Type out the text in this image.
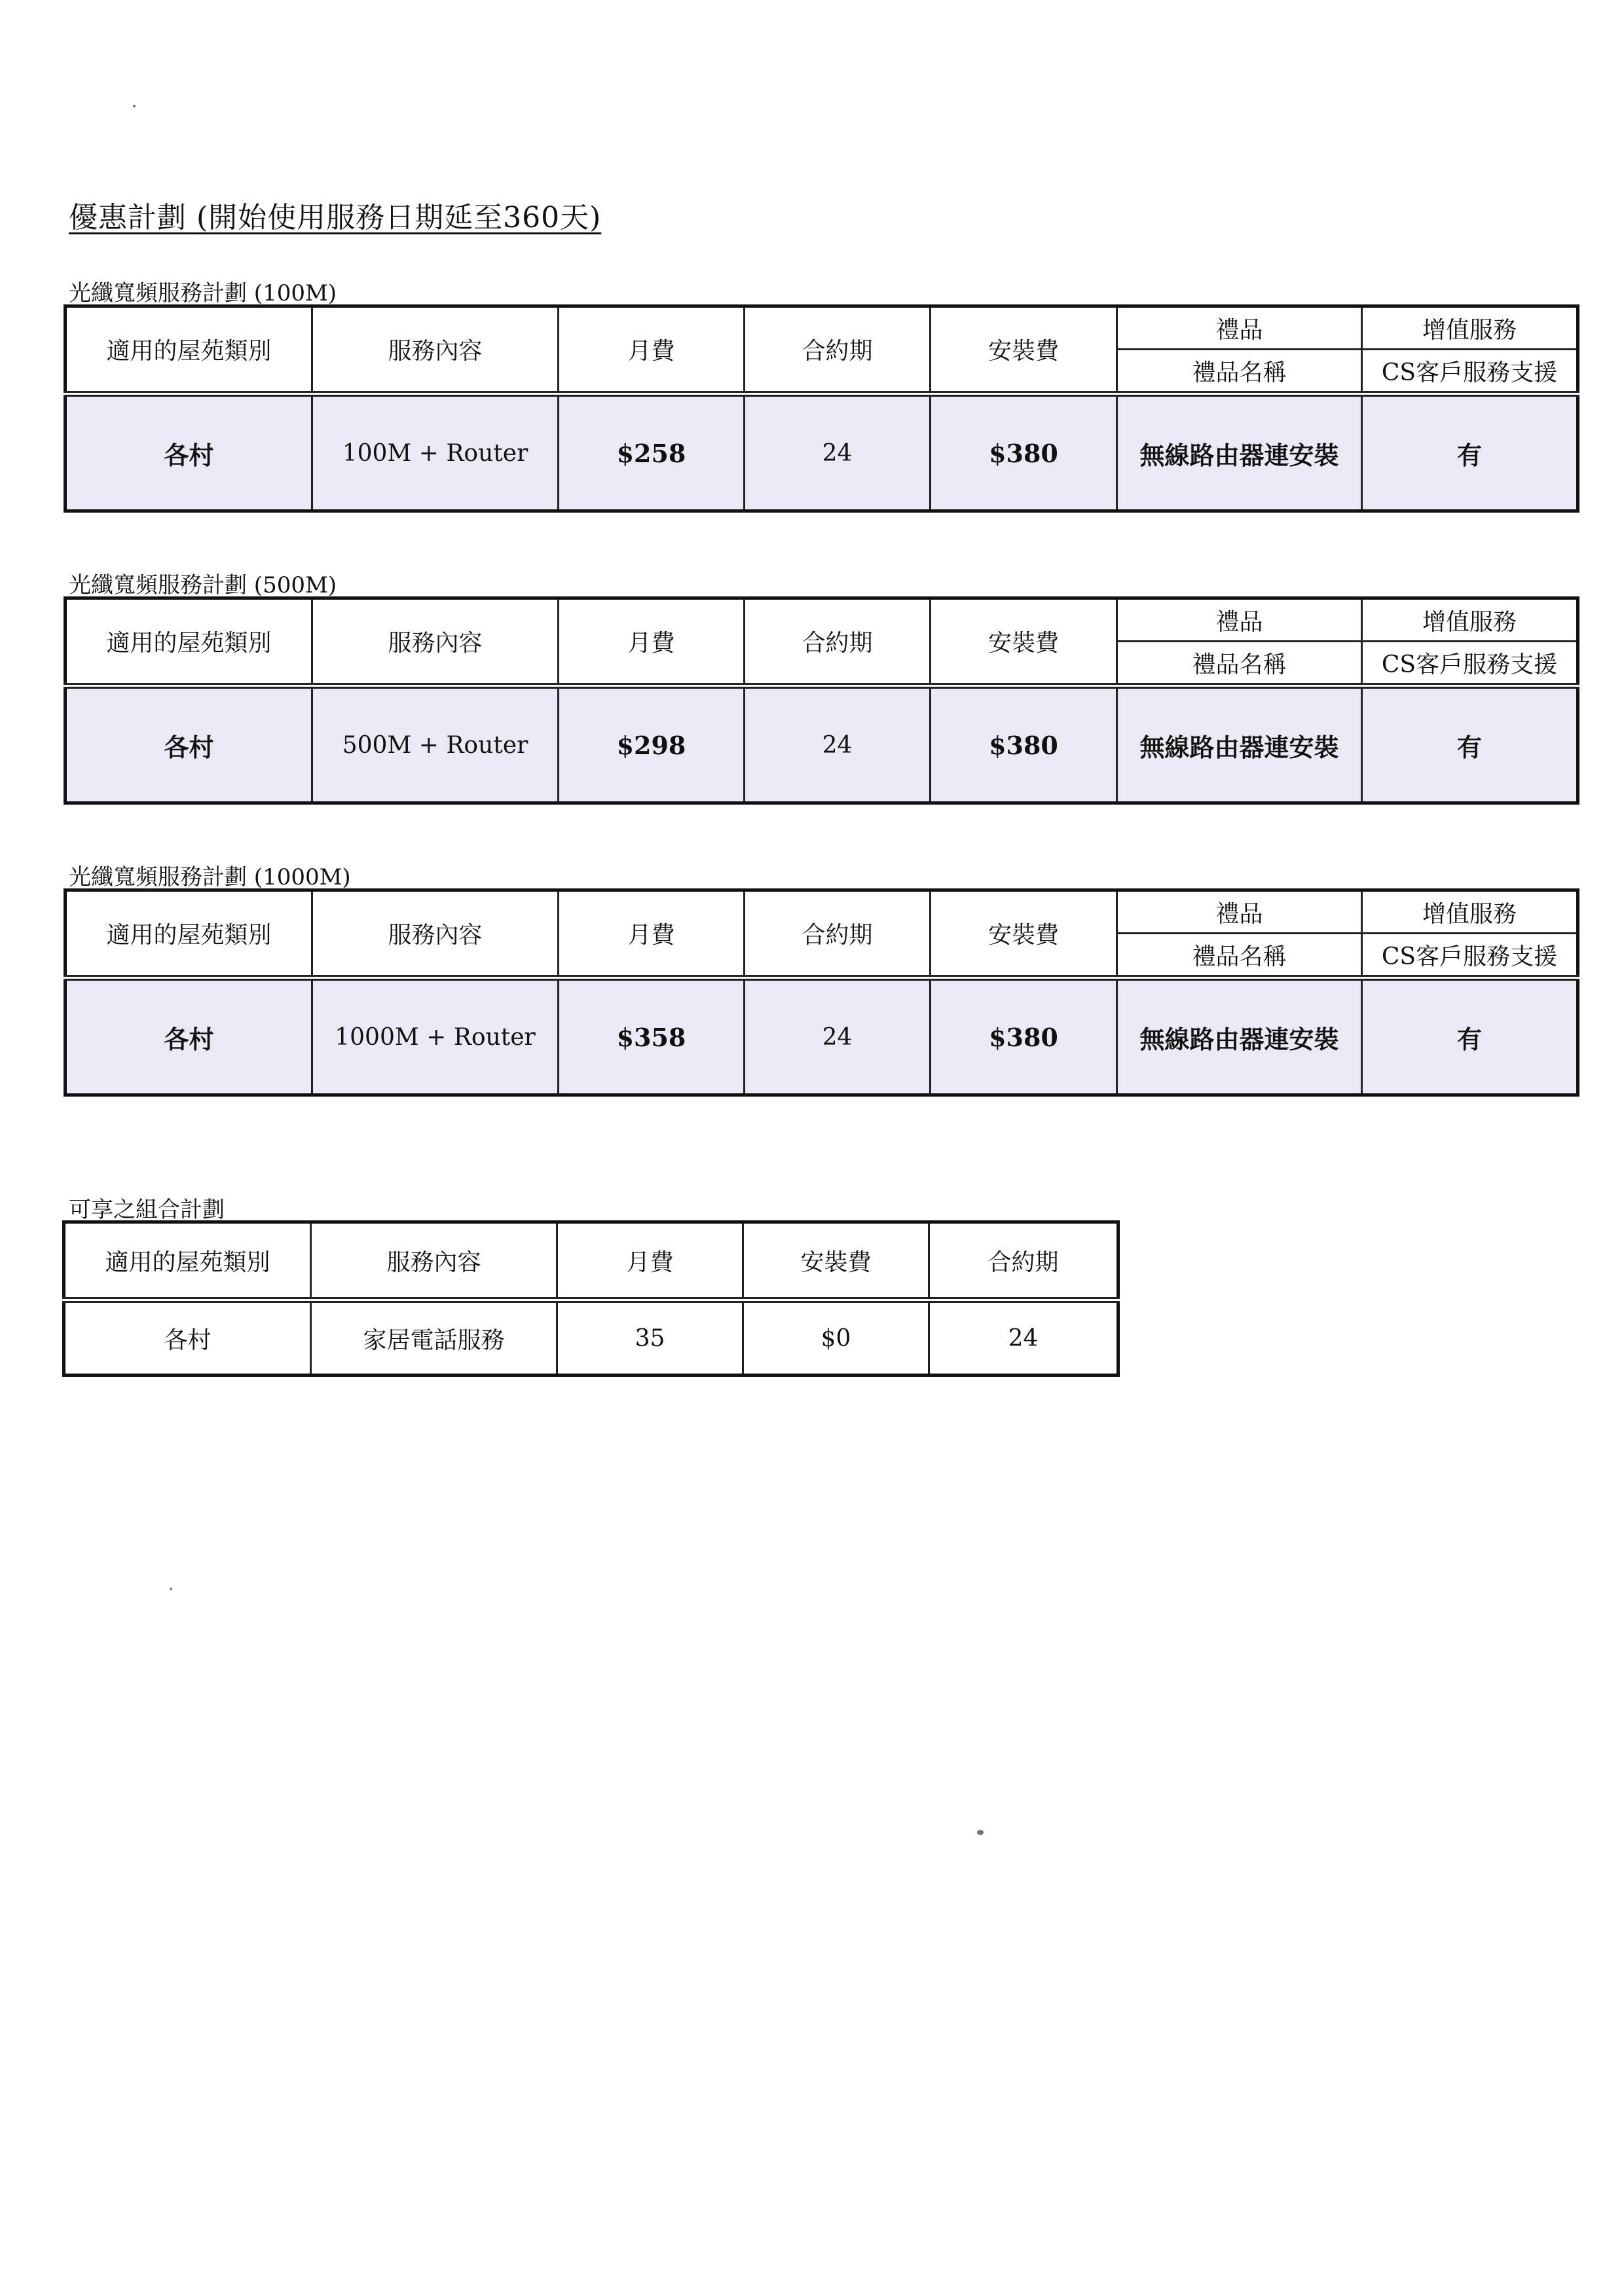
優惠計劃 (開始使用服務日期延至360天)
光纖寬頻服務計劃 (100M)
適用的屋苑類別	服務內容	月費	合約期	安裝費	禮品	增值服務
					禮品名稱	CS客戶服務支援
各村	100M + Router	$258	24	$380	無線路由器連安裝	有
光纖寬頻服務計劃 (500M)
適用的屋苑類別	服務內容	月費	合約期	安裝費	禮品	增值服務
					禮品名稱	CS客戶服務支援
各村	500M + Router	$298	24	$380	無線路由器連安裝	有
光纖寬頻服務計劃 (1000M)
適用的屋苑類別	服務內容	月費	合約期	安裝費	禮品	增值服務
					禮品名稱	CS客戶服務支援
各村	1000M + Router	$358	24	$380	無線路由器連安裝	有
可享之組合計劃
適用的屋苑類別	服務內容	月費	安裝費	合約期
各村	家居電話服務	35	$0	24
